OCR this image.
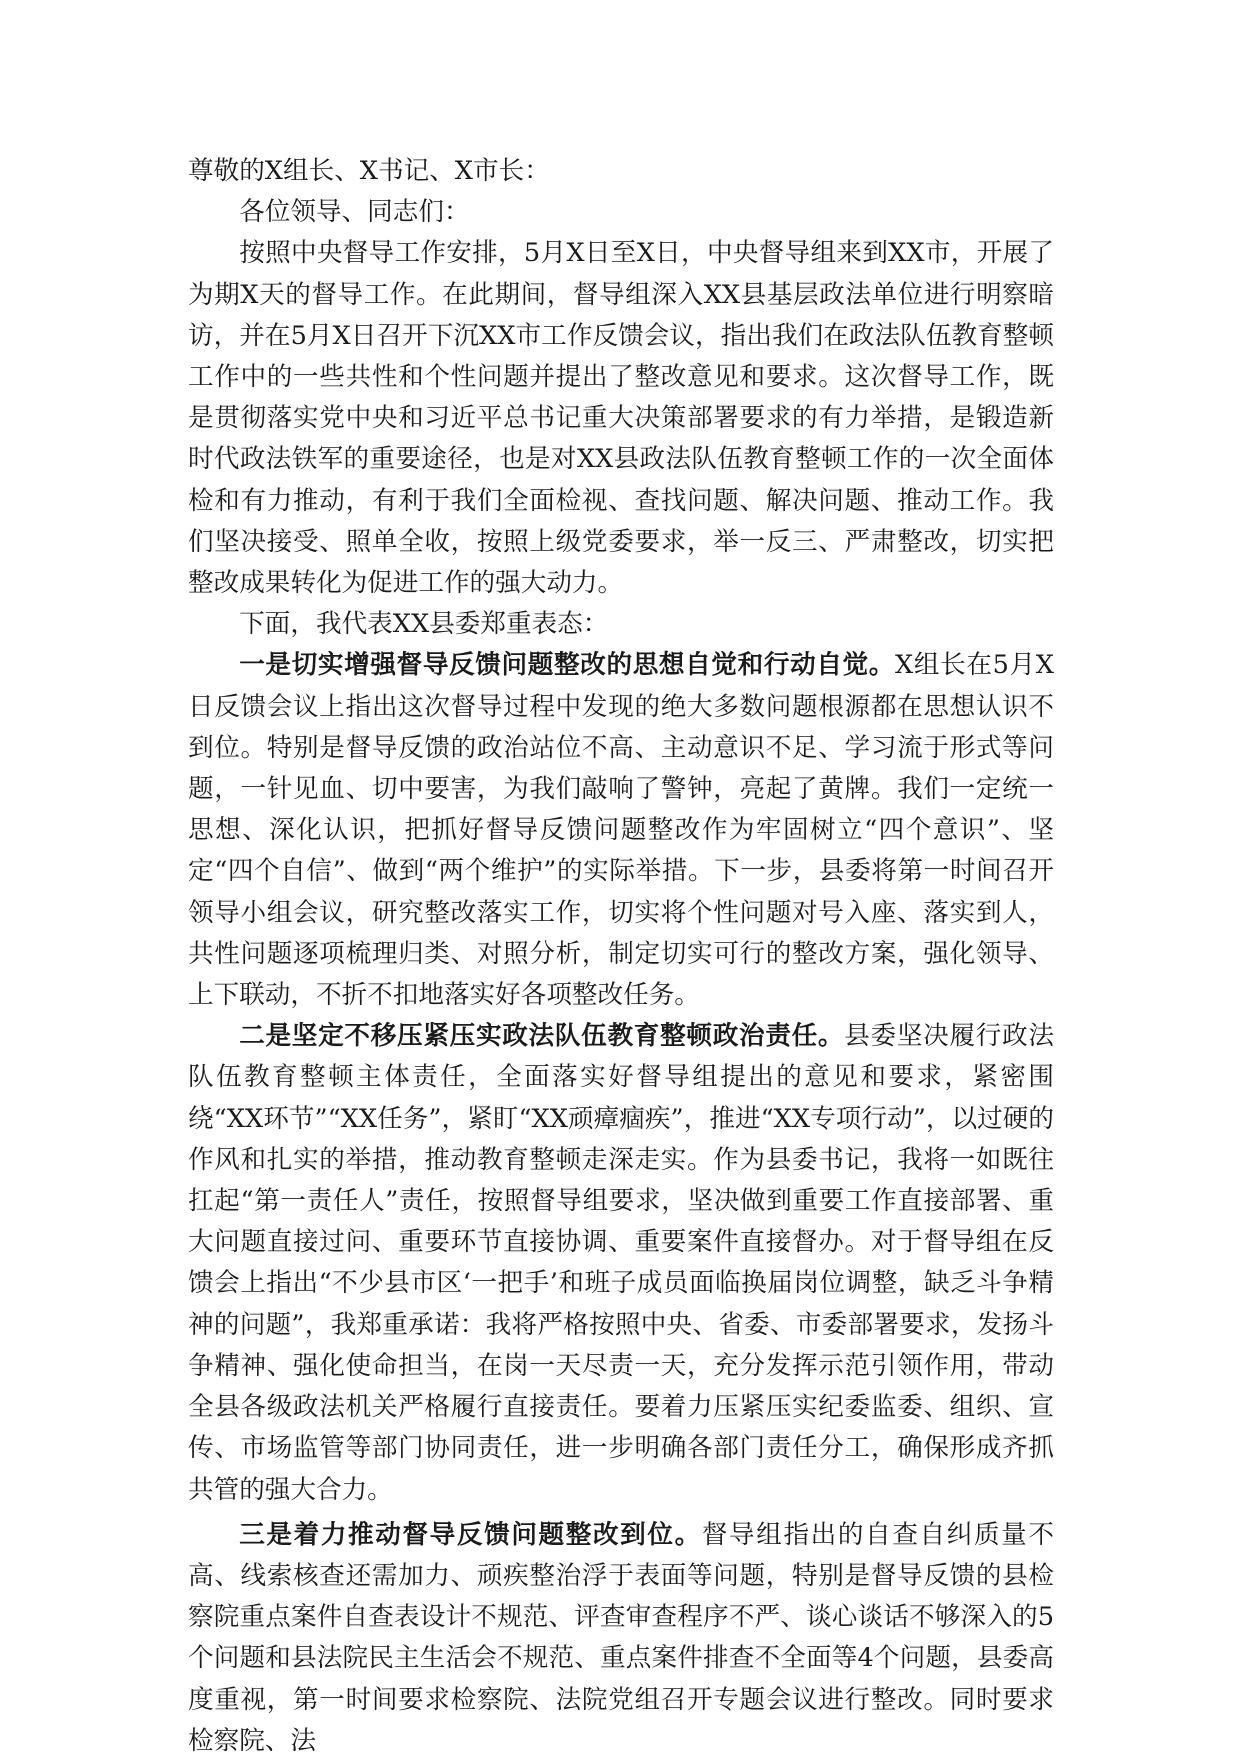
尊敬的X组长、X书记、X市长：

各位领导、同志们：

按照中央督导工作安排，5月X日至X日，中央督导组来到XX市，开展了为期X天的督导工作。在此期间，督导组深入XX县基层政法单位进行明察暗访，并在5月X日召开下沉XX市工作反馈会议，指出我们在政法队伍教育整顿工作中的一些共性和个性问题并提出了整改意见和要求。这次督导工作，既是贯彻落实党中央和习近平总书记重大决策部署要求的有力举措，是锻造新时代政法铁军的重要途径，也是对XX县政法队伍教育整顿工作的一次全面体检和有力推动，有利于我们全面检视、查找问题、解决问题、推动工作。我们坚决接受、照单全收，按照上级党委要求，举一反三、严肃整改，切实把整改成果转化为促进工作的强大动力。

下面，我代表XX县委郑重表态：

一是切实增强督导反馈问题整改的思想自觉和行动自觉。X组长在5月X日反馈会议上指出这次督导过程中发现的绝大多数问题根源都在思想认识不到位。特别是督导反馈的政治站位不高、主动意识不足、学习流于形式等问题，一针见血、切中要害，为我们敲响了警钟，亮起了黄牌。我们一定统一思想、深化认识，把抓好督导反馈问题整改作为牢固树立“四个意识”、坚定“四个自信”、做到“两个维护”的实际举措。下一步，县委将第一时间召开领导小组会议，研究整改落实工作，切实将个性问题对号入座、落实到人，共性问题逐项梳理归类、对照分析，制定切实可行的整改方案，强化领导、上下联动，不折不扣地落实好各项整改任务。

二是坚定不移压紧压实政法队伍教育整顿政治责任。县委坚决履行政法队伍教育整顿主体责任，全面落实好督导组提出的意见和要求，紧密围绕“XX环节”“XX任务”，紧盯“XX顽瘴痼疾”，推进“XX专项行动”，以过硬的作风和扎实的举措，推动教育整顿走深走实。作为县委书记，我将一如既往扛起“第一责任人”责任，按照督导组要求，坚决做到重要工作直接部署、重大问题直接过问、重要环节直接协调、重要案件直接督办。对于督导组在反馈会上指出“不少县市区‘一把手’和班子成员面临换届岗位调整，缺乏斗争精神的问题”，我郑重承诺：我将严格按照中央、省委、市委部署要求，发扬斗争精神、强化使命担当，在岗一天尽责一天，充分发挥示范引领作用，带动全县各级政法机关严格履行直接责任。要着力压紧压实纪委监委、组织、宣传、市场监管等部门协同责任，进一步明确各部门责任分工，确保形成齐抓共管的强大合力。

三是着力推动督导反馈问题整改到位。督导组指出的自查自纠质量不高、线索核查还需加力、顽疾整治浮于表面等问题，特别是督导反馈的县检察院重点案件自查表设计不规范、评查审查程序不严、谈心谈话不够深入的5个问题和县法院民主生活会不规范、重点案件排查不全面等4个问题，县委高度重视，第一时间要求检察院、法院党组召开专题会议进行整改。同时要求检察院、法
